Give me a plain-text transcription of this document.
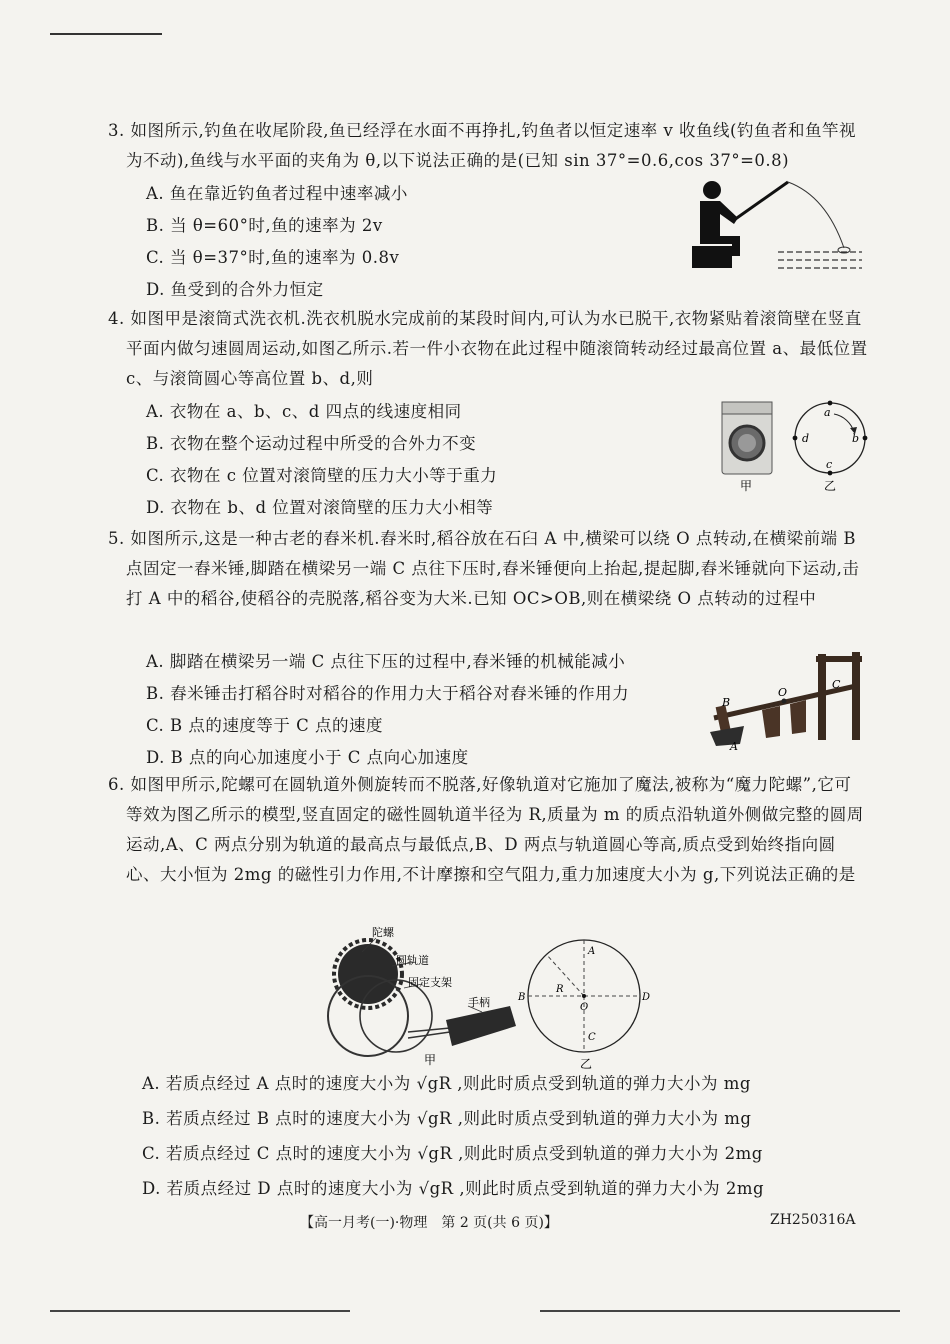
3. 如图所示,钓鱼在收尾阶段,鱼已经浮在水面不再挣扎,钓鱼者以恒定速率 v 收鱼线(钓鱼者和鱼竿视为不动),鱼线与水平面的夹角为 θ,以下说法正确的是(已知 sin 37°=0.6,cos 37°=0.8)
A. 鱼在靠近钓鱼者过程中速率减小
B. 当 θ=60°时,鱼的速率为 2v
C. 当 θ=37°时,鱼的速率为 0.8v
D. 鱼受到的合外力恒定
4. 如图甲是滚筒式洗衣机.洗衣机脱水完成前的某段时间内,可认为水已脱干,衣物紧贴着滚筒壁在竖直平面内做匀速圆周运动,如图乙所示.若一件小衣物在此过程中随滚筒转动经过最高位置 a、最低位置 c、与滚筒圆心等高位置 b、d,则
A. 衣物在 a、b、c、d 四点的线速度相同
B. 衣物在整个运动过程中所受的合外力不变
C. 衣物在 c 位置对滚筒壁的压力大小等于重力
D. 衣物在 b、d 位置对滚筒壁的压力大小相等
a
b
c
d
甲	乙
5. 如图所示,这是一种古老的舂米机.舂米时,稻谷放在石臼 A 中,横梁可以绕 O 点转动,在横梁前端 B 点固定一舂米锤,脚踏在横梁另一端 C 点往下压时,舂米锤便向上抬起,提起脚,舂米锤就向下运动,击打 A 中的稻谷,使稻谷的壳脱落,稻谷变为大米.已知 OC>OB,则在横梁绕 O 点转动的过程中
A. 脚踏在横梁另一端 C 点往下压的过程中,舂米锤的机械能减小
B. 舂米锤击打稻谷时对稻谷的作用力大于稻谷对舂米锤的作用力
C. B 点的速度等于 C 点的速度
D. B 点的向心加速度小于 C 点向心加速度
B
O
C
A
6. 如图甲所示,陀螺可在圆轨道外侧旋转而不脱落,好像轨道对它施加了魔法,被称为“魔力陀螺”,它可等效为图乙所示的模型,竖直固定的磁性圆轨道半径为 R,质量为 m 的质点沿轨道外侧做完整的圆周运动,A、C 两点分别为轨道的最高点与最低点,B、D 两点与轨道圆心等高,质点受到始终指向圆心、大小恒为 2mg 的磁性引力作用,不计摩擦和空气阻力,重力加速度大小为 g,下列说法正确的是
陀螺
圆轨道
固定支架
手柄
甲
A
B
C
D
O
R
乙
A. 若质点经过 A 点时的速度大小为 √gR ,则此时质点受到轨道的弹力大小为 mg
B. 若质点经过 B 点时的速度大小为 √gR ,则此时质点受到轨道的弹力大小为 mg
C. 若质点经过 C 点时的速度大小为 √gR ,则此时质点受到轨道的弹力大小为 2mg
D. 若质点经过 D 点时的速度大小为 √gR ,则此时质点受到轨道的弹力大小为 2mg
【高一月考(一)·物理　第 2 页(共 6 页)】	ZH250316A
